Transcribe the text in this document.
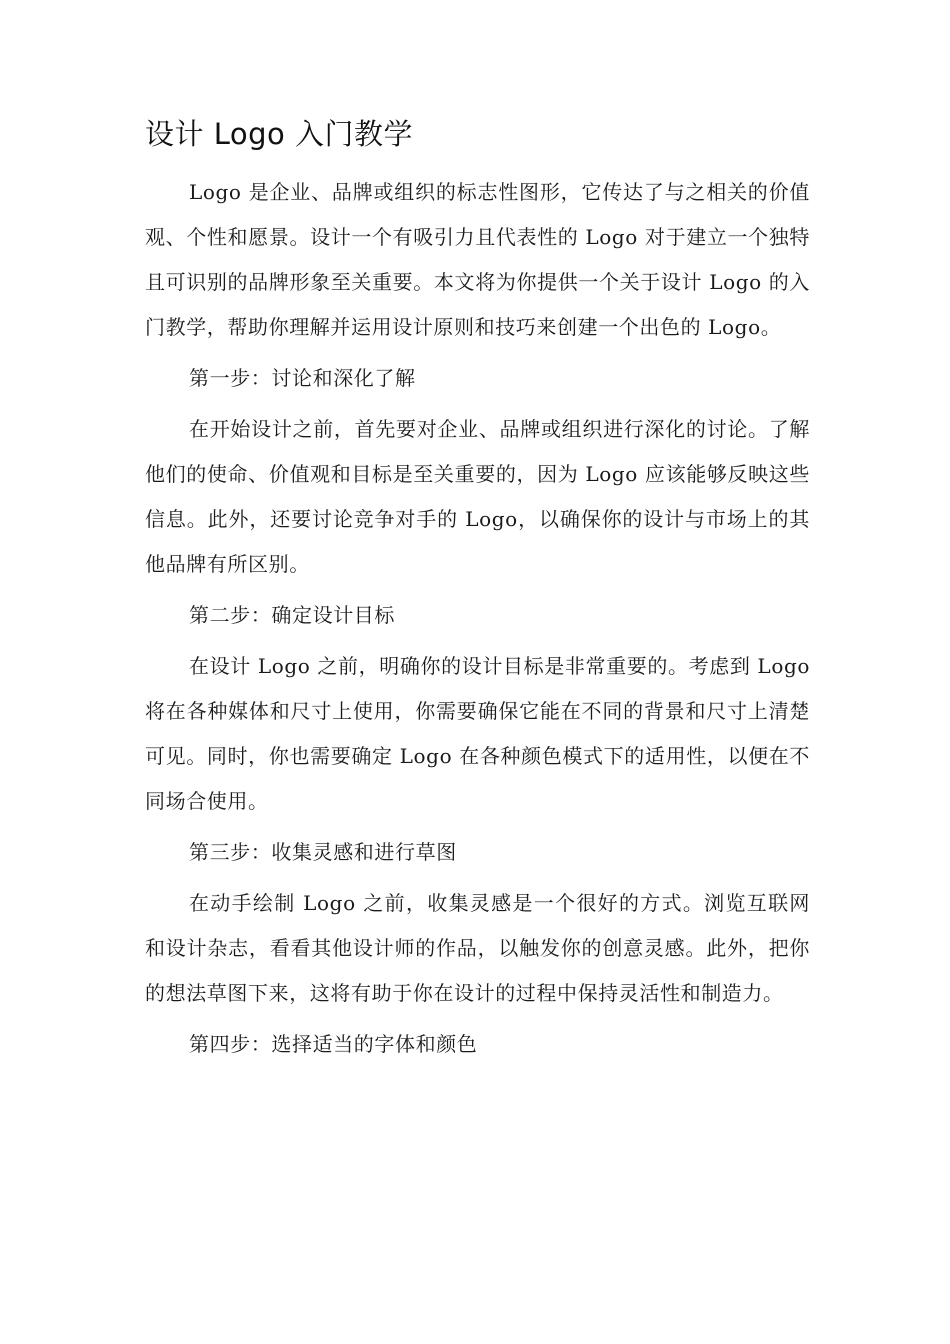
设计 Logo 入门教学

Logo 是企业、品牌或组织的标志性图形，它传达了与之相关的价值观、个性和愿景。设计一个有吸引力且代表性的 Logo 对于建立一个独特且可识别的品牌形象至关重要。本文将为你提供一个关于设计 Logo 的入门教学，帮助你理解并运用设计原则和技巧来创建一个出色的 Logo。

第一步：讨论和深化了解

在开始设计之前，首先要对企业、品牌或组织进行深化的讨论。了解他们的使命、价值观和目标是至关重要的，因为 Logo 应该能够反映这些信息。此外，还要讨论竞争对手的 Logo，以确保你的设计与市场上的其他品牌有所区别。

第二步：确定设计目标

在设计 Logo 之前，明确你的设计目标是非常重要的。考虑到 Logo 将在各种媒体和尺寸上使用，你需要确保它能在不同的背景和尺寸上清楚可见。同时，你也需要确定 Logo 在各种颜色模式下的适用性，以便在不同场合使用。

第三步：收集灵感和进行草图

在动手绘制 Logo 之前，收集灵感是一个很好的方式。浏览互联网和设计杂志，看看其他设计师的作品，以触发你的创意灵感。此外，把你的想法草图下来，这将有助于你在设计的过程中保持灵活性和制造力。

第四步：选择适当的字体和颜色
